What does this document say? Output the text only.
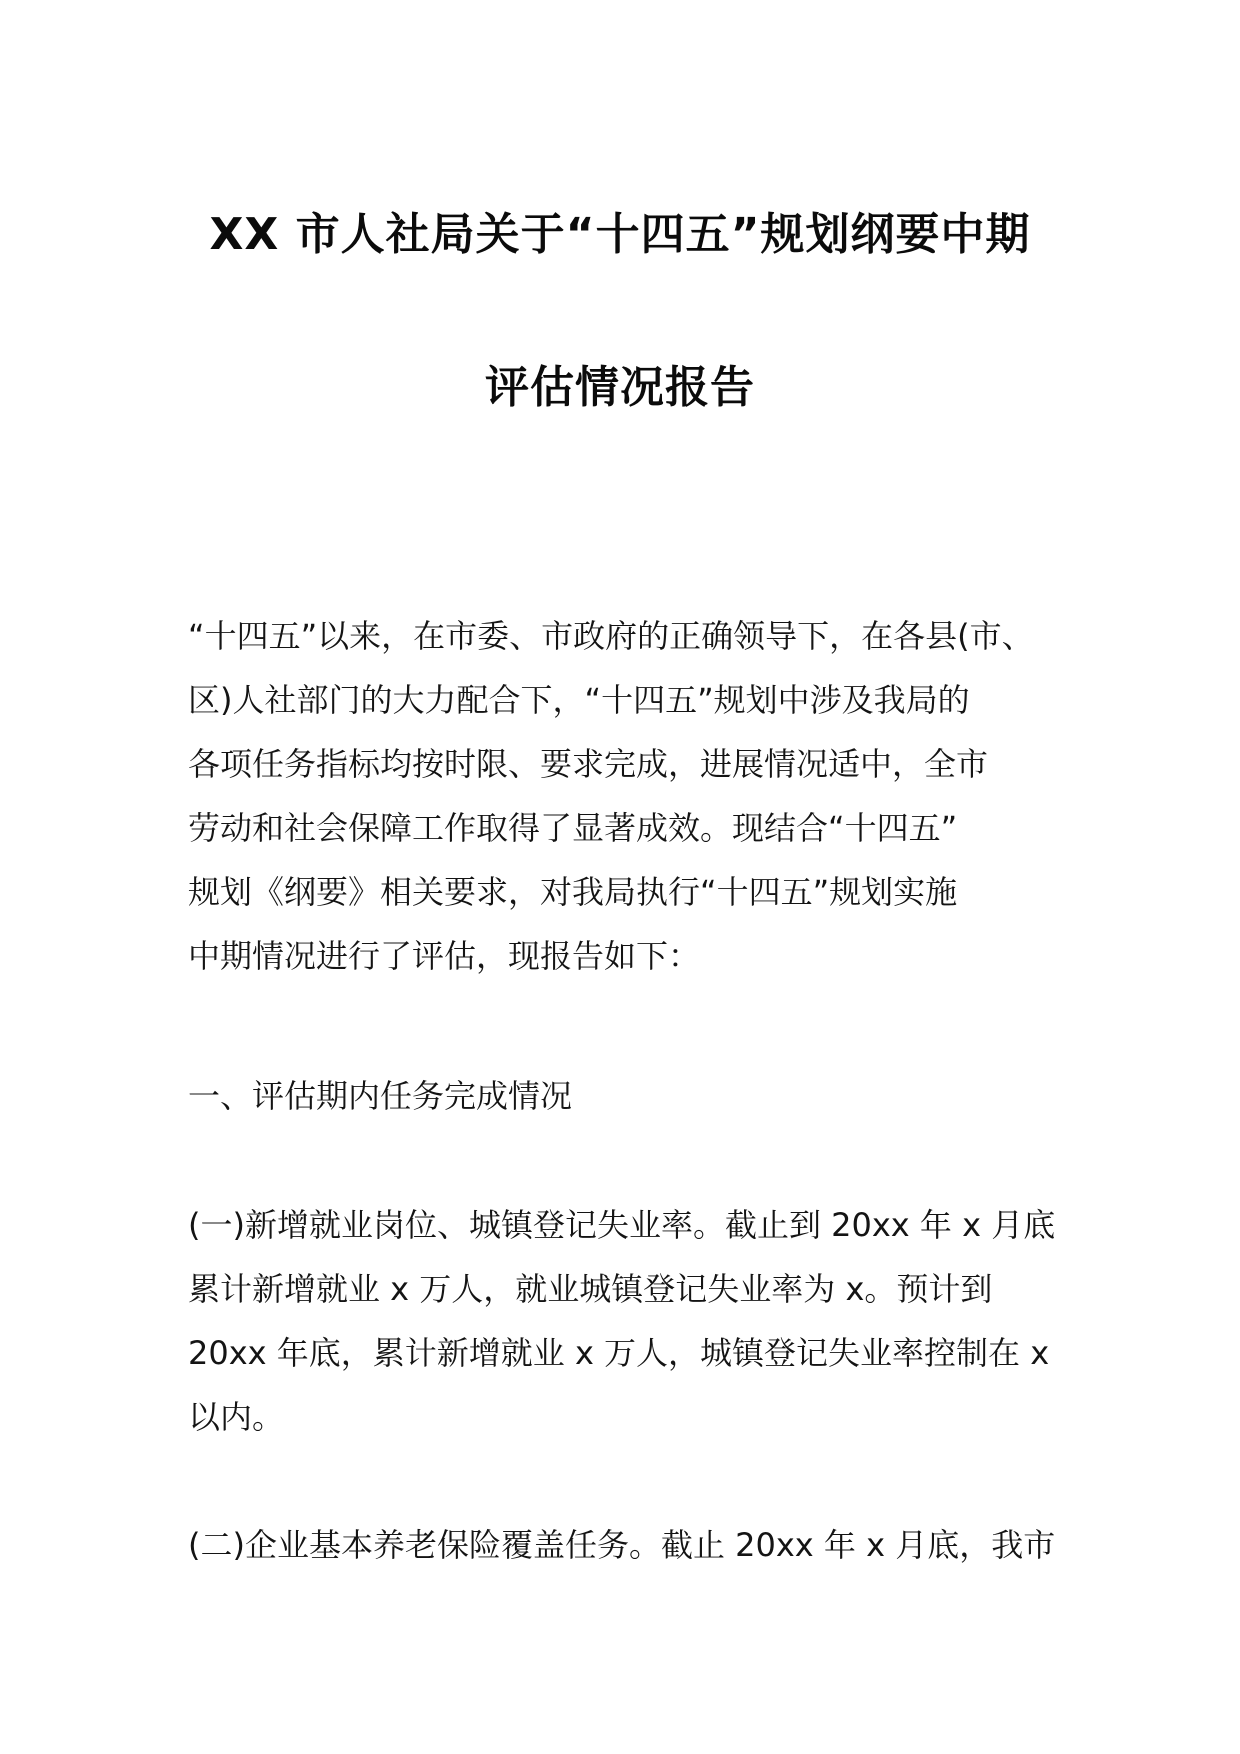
XX 市人社局关于“十四五”规划纲要中期
评估情况报告
“十四五”以来，在市委、市政府的正确领导下，在各县(市、
区)人社部门的大力配合下，“十四五”规划中涉及我局的
各项任务指标均按时限、要求完成，进展情况适中，全市
劳动和社会保障工作取得了显著成效。现结合“十四五”
规划《纲要》相关要求，对我局执行“十四五”规划实施
中期情况进行了评估，现报告如下：
一、评估期内任务完成情况
(一)新增就业岗位、城镇登记失业率。截止到 20xx 年 x 月底
累计新增就业 x 万人，就业城镇登记失业率为 x。预计到
20xx 年底，累计新增就业 x 万人，城镇登记失业率控制在 x
以内。
(二)企业基本养老保险覆盖任务。截止 20xx 年 x 月底，我市
